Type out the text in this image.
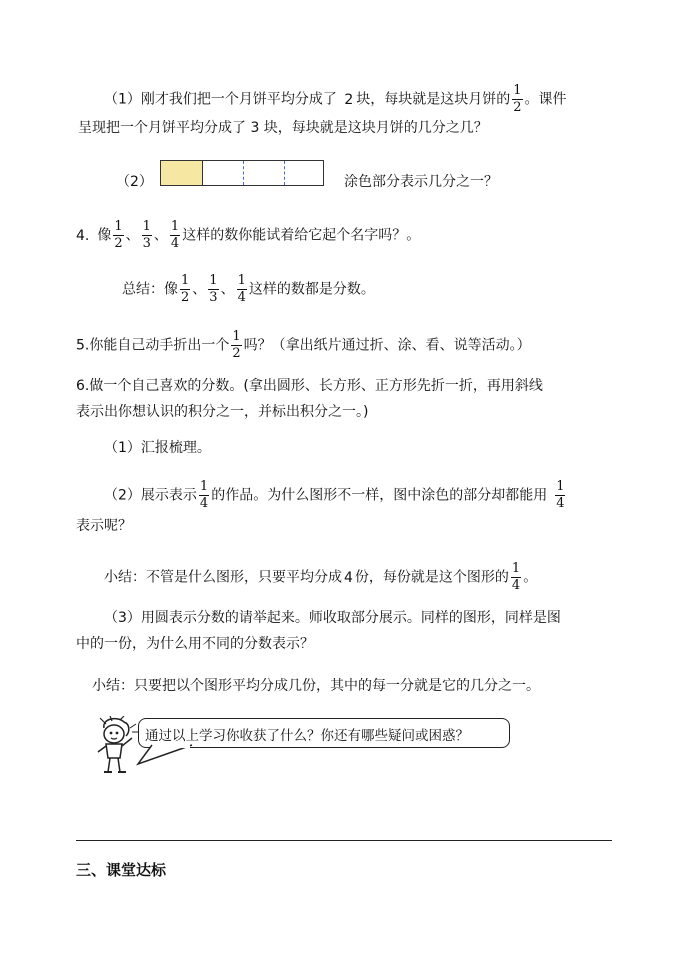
（1）刚才我们把一个月饼平均分成了 2 块，每块就是这块月饼的 $\frac{1}{2}$ 。课件
呈现把一个月饼平均分成了 3 块，每块就是这块月饼的几分之几？
（2）	涂色部分表示几分之一？
4. 像 $\frac{1}{2}$ 、 $\frac{1}{3}$ 、 $\frac{1}{4}$ 这样的数你能试着给它起个名字吗？。
总结：像 $\frac{1}{2}$ 、 $\frac{1}{3}$ 、 $\frac{1}{4}$ 这样的数都是分数。
5.你能自己动手折出一个 $\frac{1}{2}$ 吗？（拿出纸片通过折、涂、看、说等活动。）
6.做一个自己喜欢的分数。(拿出圆形、长方形、正方形先折一折，再用斜线
表示出你想认识的积分之一，并标出积分之一。)
（1）汇报梳理。
（2）展示表示 $\frac{1}{4}$ 的作品。为什么图形不一样，图中涂色的部分却都能用 $\frac{1}{4}$
表示呢？
小结：不管是什么图形，只要平均分成 4 份，每份就是这个图形的 $\frac{1}{4}$ 。
（3）用圆表示分数的请举起来。师收取部分展示。同样的图形，同样是图
中的一份，为什么用不同的分数表示？
小结：只要把以个图形平均分成几份，其中的每一分就是它的几分之一。
通过以上学习你收获了什么？你还有哪些疑问或困惑？
三、课堂达标
